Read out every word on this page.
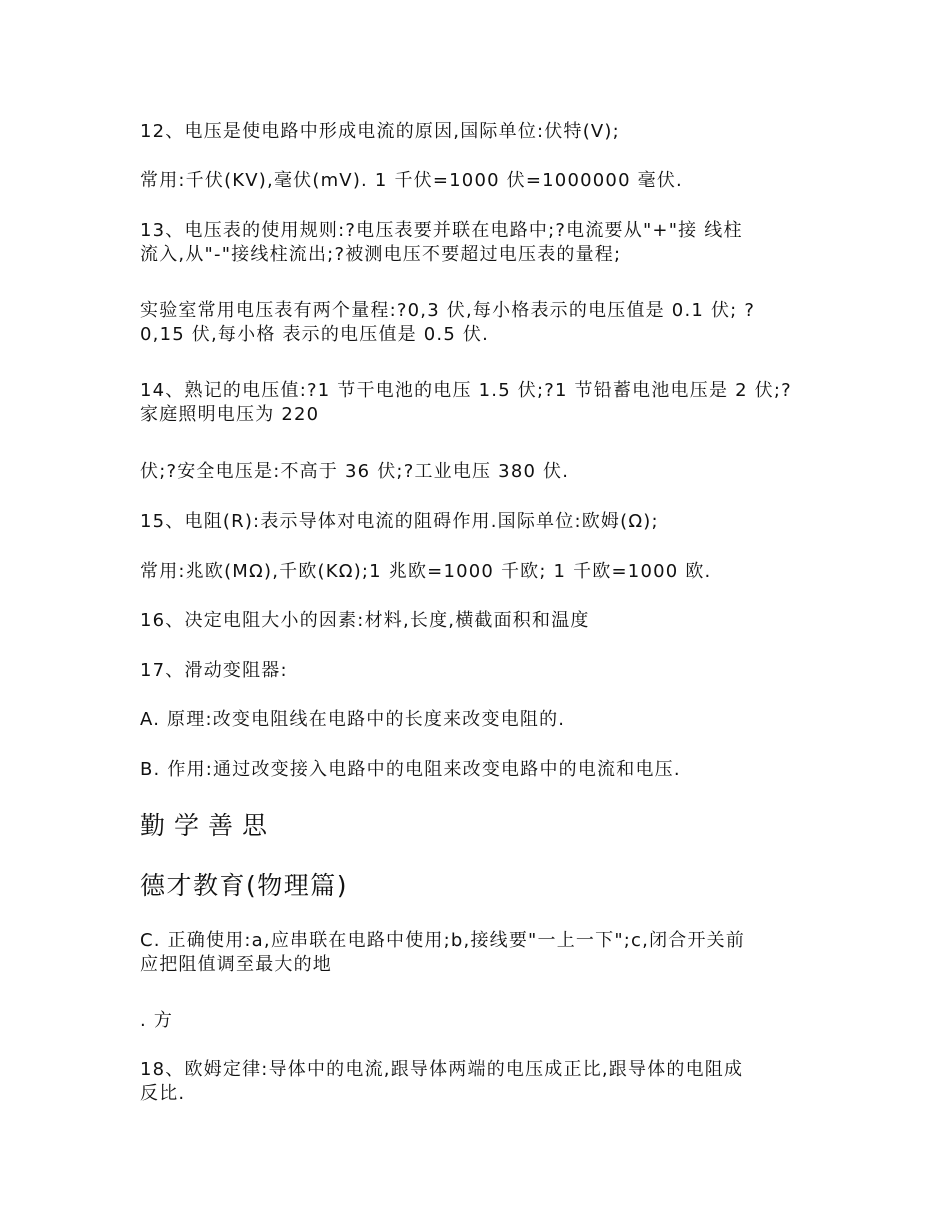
12、电压是使电路中形成电流的原因,国际单位:伏特(V);

常用:千伏(KV),毫伏(mV). 1 千伏=1000 伏=1000000 毫伏.

13、电压表的使用规则:?电压表要并联在电路中;?电流要从"+"接 线柱
流入,从"-"接线柱流出;?被测电压不要超过电压表的量程;

实验室常用电压表有两个量程:?0,3 伏,每小格表示的电压值是 0.1 伏; ?
0,15 伏,每小格 表示的电压值是 0.5 伏.

14、熟记的电压值:?1 节干电池的电压 1.5 伏;?1 节铅蓄电池电压是 2 伏;?
家庭照明电压为 220

伏;?安全电压是:不高于 36 伏;?工业电压 380 伏.

15、电阻(R):表示导体对电流的阻碍作用.国际单位:欧姆(Ω);

常用:兆欧(MΩ),千欧(KΩ);1 兆欧=1000 千欧; 1 千欧=1000 欧.

16、决定电阻大小的因素:材料,长度,横截面积和温度

17、滑动变阻器:

A. 原理:改变电阻线在电路中的长度来改变电阻的.

B. 作用:通过改变接入电路中的电阻来改变电路中的电流和电压.

勤学善思
德才教育(物理篇)

C. 正确使用:a,应串联在电路中使用;b,接线要"一上一下";c,闭合开关前
应把阻值调至最大的地

. 方

18、欧姆定律:导体中的电流,跟导体两端的电压成正比,跟导体的电阻成
反比.
